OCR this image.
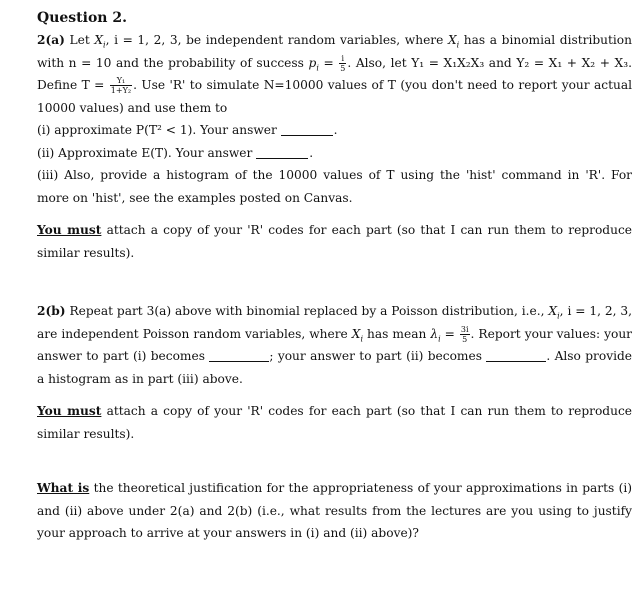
Question 2.

2(a) Let $X_i$, i = 1, 2, 3, be independent random variables, where $X_i$ has a binomial distribution with n = 10 and the probability of success $p_i = \frac{i}{5}$ . Also, let Y₁ = X₁X₂X₃ and Y₂ = X₁ + X₂ + X₃. Define $T = \frac{\text{Y₁}}{\text{1+Y₂}}$ . Use 'R' to simulate N=10000 values of T (you don't need to report your actual 10000 values) and use them to

(i) approximate P(T² < 1). Your answer	.

(ii) Approximate E(T). Your answer	.

(iii) Also, provide a histogram of the 10000 values of T using the 'hist' command in 'R'. For more on 'hist', see the examples posted on Canvas.

You must attach a copy of your 'R' codes for each part (so that I can run them to reproduce similar results).

2(b) Repeat part 3(a) above with binomial replaced by a Poisson distribution, i.e., $X_i$, i = 1, 2, 3, are independent Poisson random variables, where $X_i$ has mean $\lambda_i = \frac{3i}{5}$ . Report your values: your answer to part (i) becomes	; your answer to part (ii) becomes	. Also provide a histogram as in part (iii) above.

You must attach a copy of your 'R' codes for each part (so that I can run them to reproduce similar results).

What is the theoretical justification for the appropriateness of your approximations in parts (i) and (ii) above under 2(a) and 2(b) (i.e., what results from the lectures are you using to justify your approach to arrive at your answers in (i) and (ii) above)?
